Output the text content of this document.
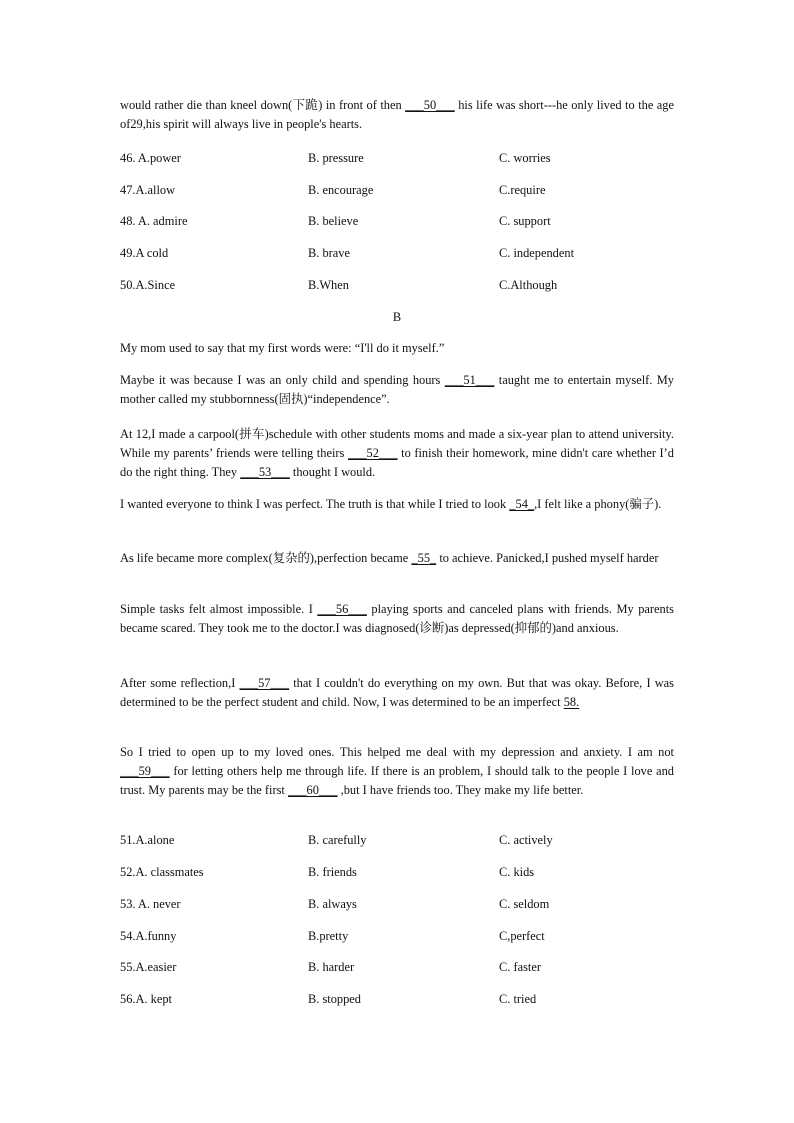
would rather die than kneel down(下跪) in front of then ___50___ his life was short---he only lived to the age of29,his spirit will always live in people's hearts.

46. A.power	B. pressure	C. worries
47.A.allow	B. encourage	C.require
48. A. admire	B. believe	C. support
49.A cold	B. brave	C. independent
50.A.Since	B.When	C.Although
B

My mom used to say that my first words were: “I'll do it myself.”

Maybe it was because I was an only child and spending hours ___51___ taught me to entertain myself. My mother called my stubbornness(固执)“independence”.

At 12,I made a carpool(拼车)schedule with other students moms and made a six-year plan to attend university. While my parents’ friends were telling theirs ___52___ to finish their homework, mine didn't care whether I’d do the right thing. They ___53___ thought I would.

I wanted everyone to think I was perfect. The truth is that while I tried to look _54_,I felt like a phony(骗子).

As life became more complex(复杂的),perfection became _55_ to achieve. Panicked,I pushed myself harder

Simple tasks felt almost impossible. I ___56___ playing sports and canceled plans with friends. My parents became scared. They took me to the doctor.I was diagnosed(诊断)as depressed(抑郁的)and anxious.

After some reflection,I ___57___ that I couldn't do everything on my own. But that was okay. Before, I was determined to be the perfect student and child. Now, I was determined to be an imperfect 58.

So I tried to open up to my loved ones. This helped me deal with my depression and anxiety. I am not ___59___ for letting others help me through life. If there is an problem, I should talk to the people I love and trust. My parents may be the first ___60___ ,but I have friends too. They make my life better.

51.A.alone	B. carefully	C. actively
52.A. classmates	B. friends	C. kids
53. A. never	B. always	C. seldom
54.A.funny	B.pretty	C,perfect
55.A.easier	B. harder	C. faster
56.A. kept	B. stopped	C. tried
